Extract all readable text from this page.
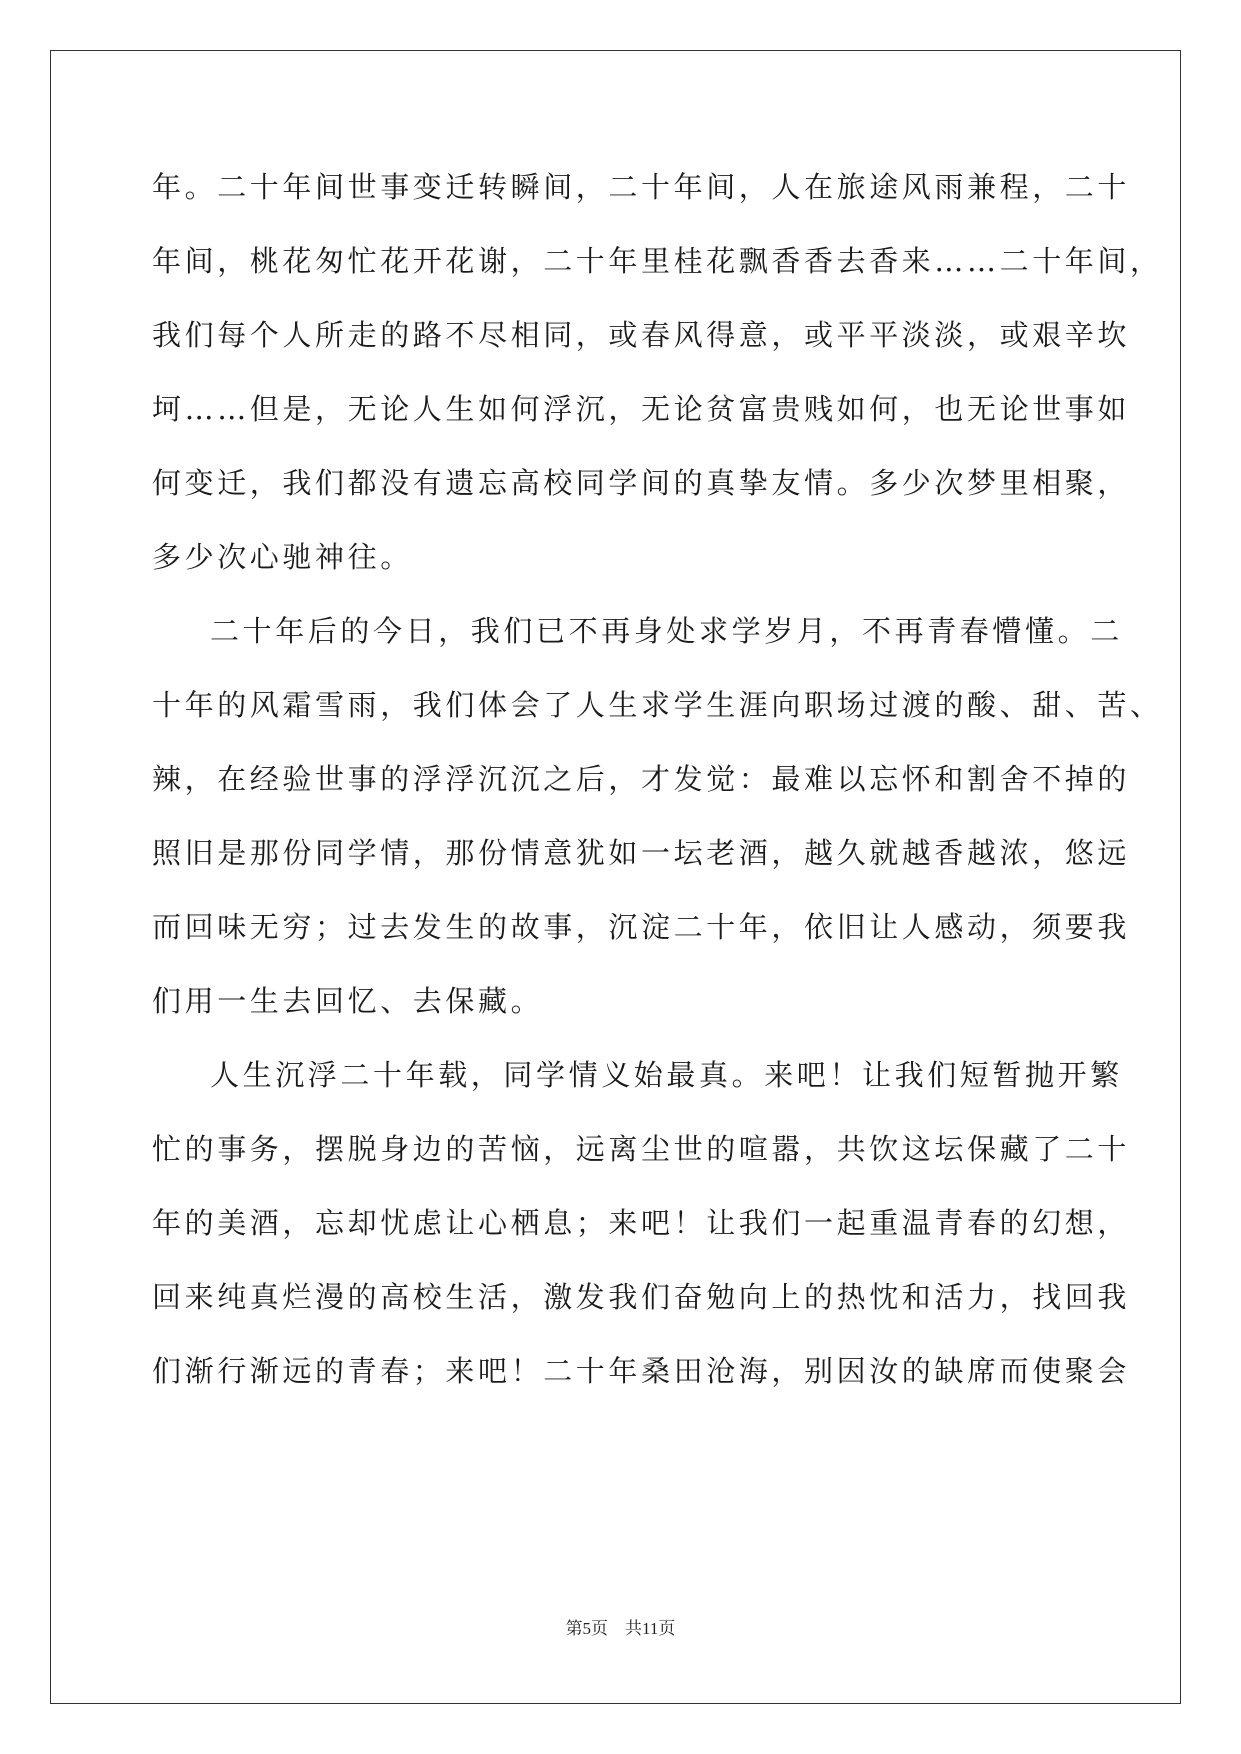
年。二十年间世事变迁转瞬间，二十年间，人在旅途风雨兼程，二十
年间，桃花匆忙花开花谢，二十年里桂花飘香香去香来……二十年间，
我们每个人所走的路不尽相同，或春风得意，或平平淡淡，或艰辛坎
坷……但是，无论人生如何浮沉，无论贫富贵贱如何，也无论世事如
何变迁，我们都没有遗忘高校同学间的真挚友情。多少次梦里相聚，
多少次心驰神往。
二十年后的今日，我们已不再身处求学岁月，不再青春懵懂。二
十年的风霜雪雨，我们体会了人生求学生涯向职场过渡的酸、甜、苦、
辣，在经验世事的浮浮沉沉之后，才发觉：最难以忘怀和割舍不掉的
照旧是那份同学情，那份情意犹如一坛老酒，越久就越香越浓，悠远
而回味无穷；过去发生的故事，沉淀二十年，依旧让人感动，须要我
们用一生去回忆、去保藏。
人生沉浮二十年载，同学情义始最真。来吧！让我们短暂抛开繁
忙的事务，摆脱身边的苦恼，远离尘世的喧嚣，共饮这坛保藏了二十
年的美酒，忘却忧虑让心栖息；来吧！让我们一起重温青春的幻想，
回来纯真烂漫的高校生活，激发我们奋勉向上的热忱和活力，找回我
们渐行渐远的青春；来吧！二十年桑田沧海，别因汝的缺席而使聚会
第5页　共11页
